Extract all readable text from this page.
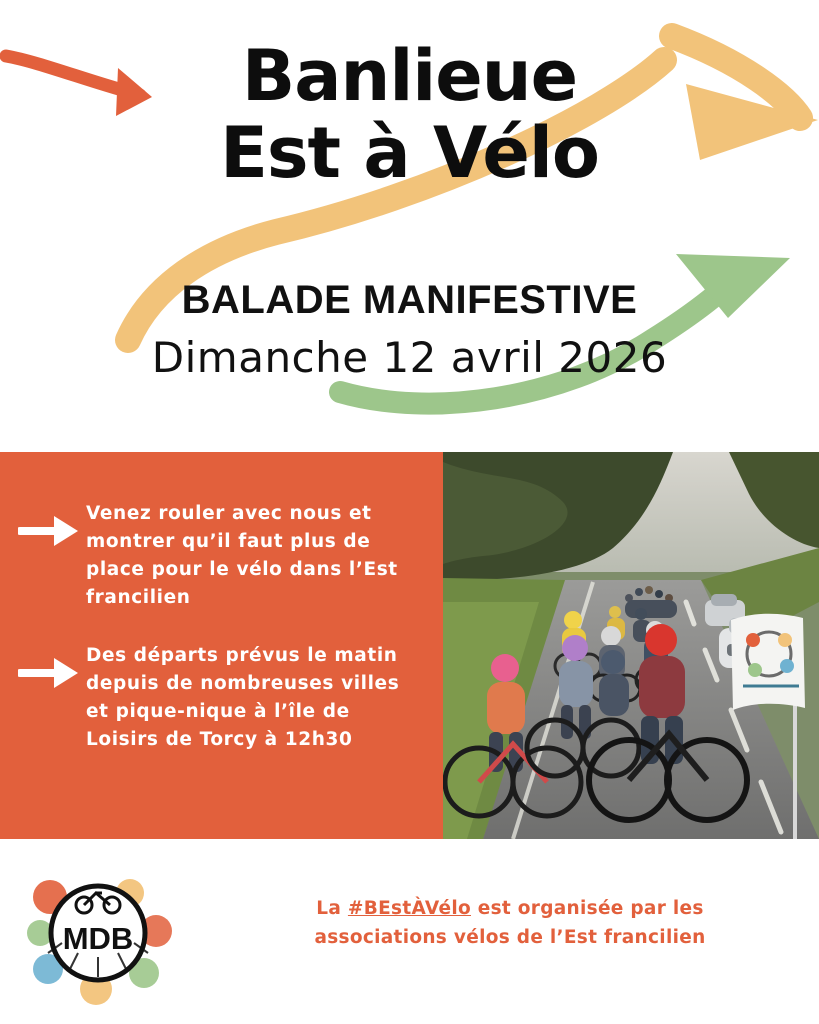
Banlieue

Est à Vélo

BALADE MANIFESTIVE

Dimanche 12 avril 2026

Venez rouler avec nous et montrer qu’il faut plus de place pour le vélo dans l’Est francilien

Des départs prévus le matin depuis de nombreuses villes et pique-nique à l’île de Loisirs de Torcy à 12h30

MDB
La #BEstÀVélo est organisée par les
associations vélos de l’Est francilien
